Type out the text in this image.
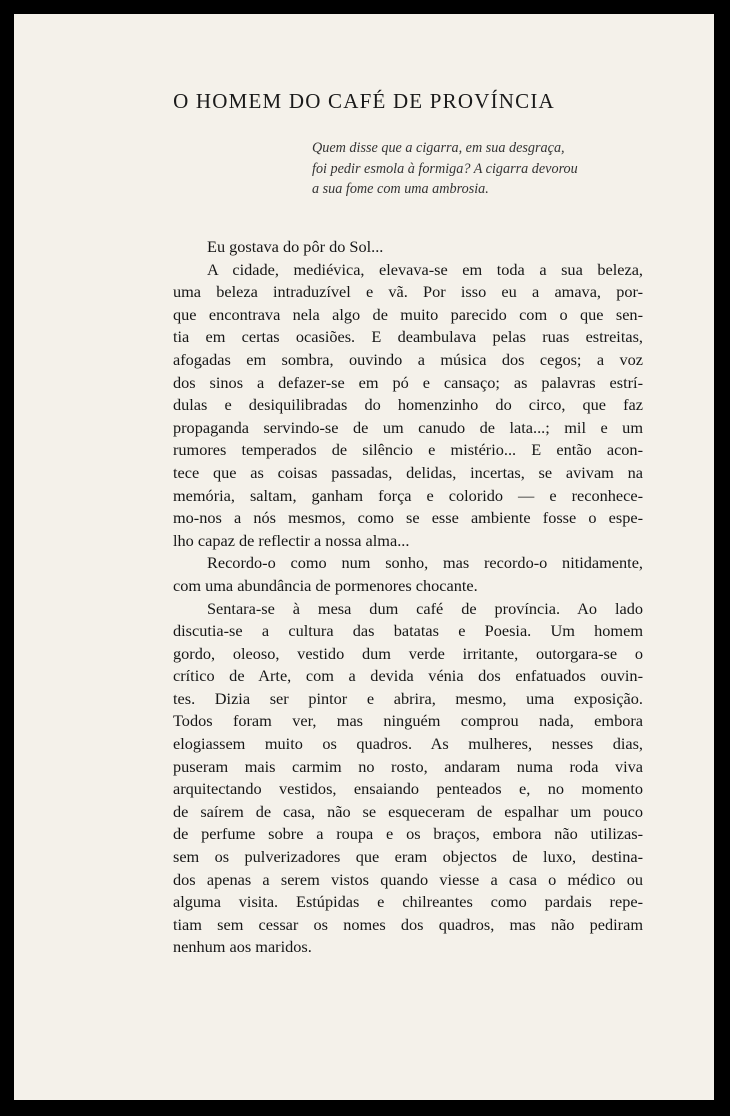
O HOMEM DO CAFÉ DE PROVÍNCIA
Quem disse que a cigarra, em sua desgraça,
foi pedir esmola à formiga? A cigarra devorou
a sua fome com uma ambrosia.
Eu gostava do pôr do Sol...
A cidade, mediévica, elevava-se em toda a sua beleza,
uma beleza intraduzível e vã. Por isso eu a amava, por-
que encontrava nela algo de muito parecido com o que sen-
tia em certas ocasiões. E deambulava pelas ruas estreitas,
afogadas em sombra, ouvindo a música dos cegos; a voz
dos sinos a defazer-se em pó e cansaço; as palavras estrí-
dulas e desiquilibradas do homenzinho do circo, que faz
propaganda servindo-se de um canudo de lata...; mil e um
rumores temperados de silêncio e mistério... E então acon-
tece que as coisas passadas, delidas, incertas, se avivam na
memória, saltam, ganham força e colorido — e reconhece-
mo-nos a nós mesmos, como se esse ambiente fosse o espe-
lho capaz de reflectir a nossa alma...
Recordo-o como num sonho, mas recordo-o nitidamente,
com uma abundância de pormenores chocante.
Sentara-se à mesa dum café de província. Ao lado
discutia-se a cultura das batatas e Poesia. Um homem
gordo, oleoso, vestido dum verde irritante, outorgara-se o
crítico de Arte, com a devida vénia dos enfatuados ouvin-
tes. Dizia ser pintor e abrira, mesmo, uma exposição.
Todos foram ver, mas ninguém comprou nada, embora
elogiassem muito os quadros. As mulheres, nesses dias,
puseram mais carmim no rosto, andaram numa roda viva
arquitectando vestidos, ensaiando penteados e, no momento
de saírem de casa, não se esqueceram de espalhar um pouco
de perfume sobre a roupa e os braços, embora não utilizas-
sem os pulverizadores que eram objectos de luxo, destina-
dos apenas a serem vistos quando viesse a casa o médico ou
alguma visita. Estúpidas e chilreantes como pardais repe-
tiam sem cessar os nomes dos quadros, mas não pediram
nenhum aos maridos.
